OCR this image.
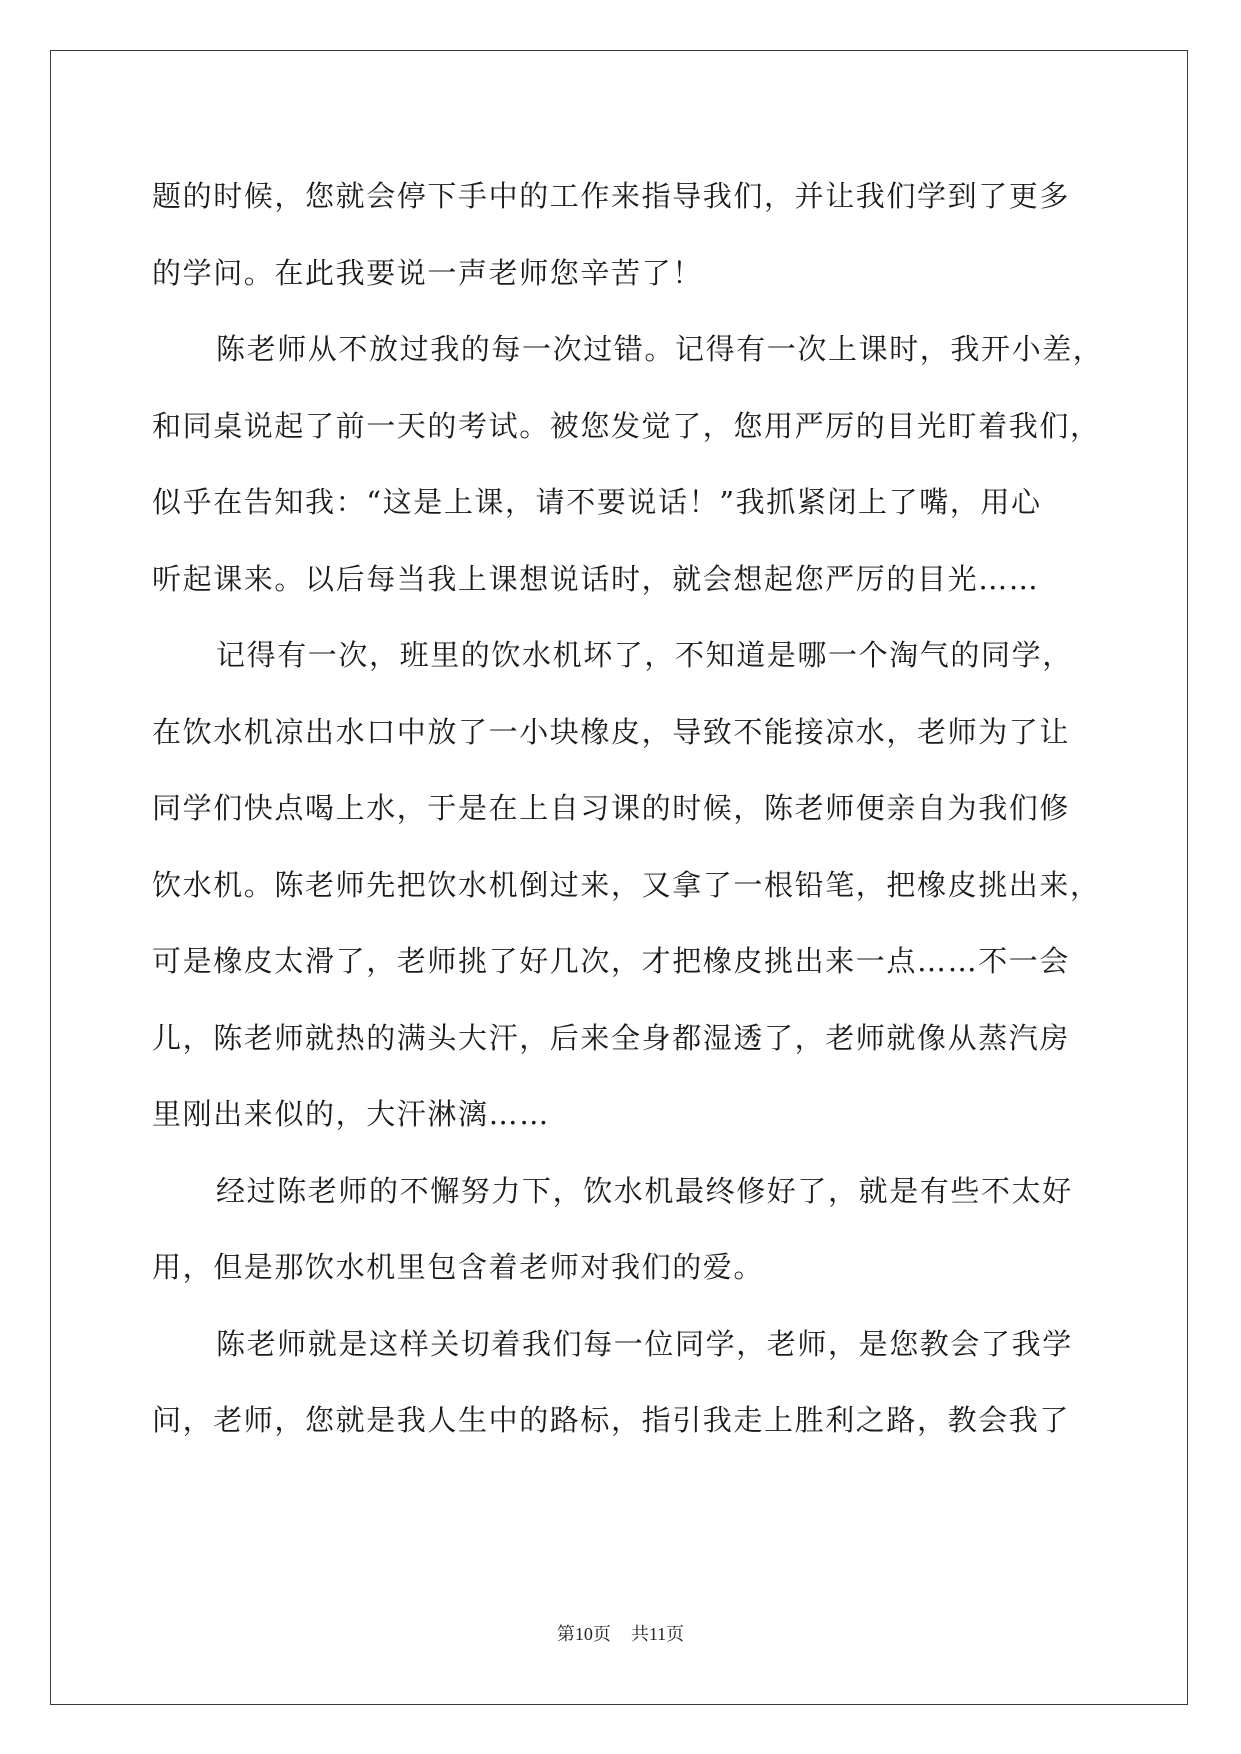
题的时候，您就会停下手中的工作来指导我们，并让我们学到了更多
的学问。在此我要说一声老师您辛苦了！
陈老师从不放过我的每一次过错。记得有一次上课时，我开小差，
和同桌说起了前一天的考试。被您发觉了，您用严厉的目光盯着我们，
似乎在告知我：“这是上课，请不要说话！”我抓紧闭上了嘴，用心
听起课来。以后每当我上课想说话时，就会想起您严厉的目光……
记得有一次，班里的饮水机坏了，不知道是哪一个淘气的同学，
在饮水机凉出水口中放了一小块橡皮，导致不能接凉水，老师为了让
同学们快点喝上水，于是在上自习课的时候，陈老师便亲自为我们修
饮水机。陈老师先把饮水机倒过来，又拿了一根铅笔，把橡皮挑出来，
可是橡皮太滑了，老师挑了好几次，才把橡皮挑出来一点……不一会
儿，陈老师就热的满头大汗，后来全身都湿透了，老师就像从蒸汽房
里刚出来似的，大汗淋漓……
经过陈老师的不懈努力下，饮水机最终修好了，就是有些不太好
用，但是那饮水机里包含着老师对我们的爱。
陈老师就是这样关切着我们每一位同学，老师，是您教会了我学
问，老师，您就是我人生中的路标，指引我走上胜利之路，教会我了
第10页 共11页
